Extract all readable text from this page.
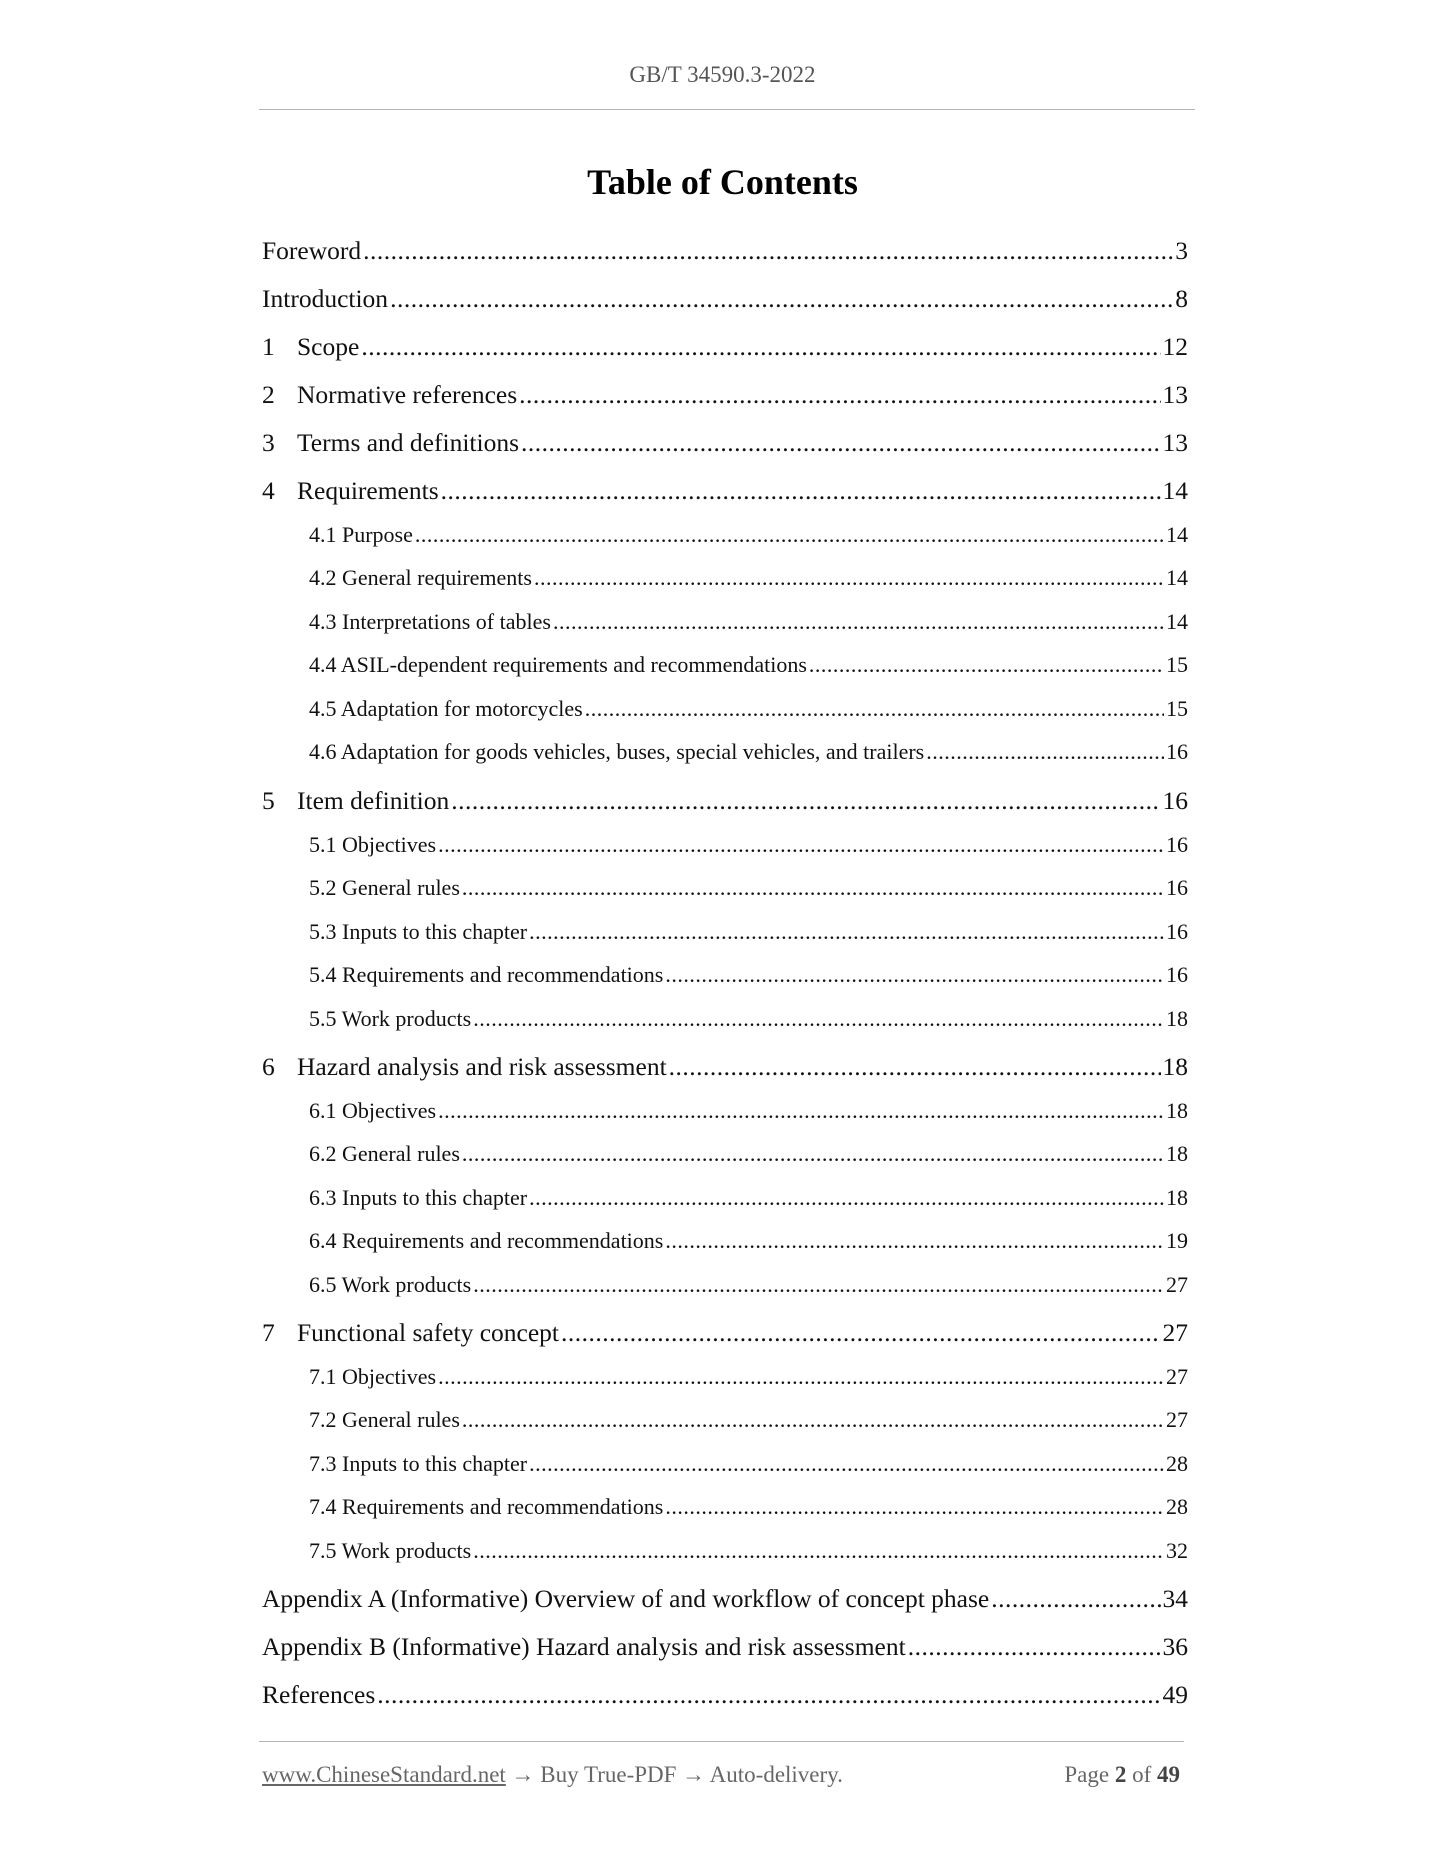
GB/T 34590.3-2022
Table of Contents
Foreword .....	3
Introduction .....	8
1 Scope .....	12
2 Normative references .....	13
3 Terms and definitions .....	13
4 Requirements .....	14
4.1 Purpose .....	14
4.2 General requirements .....	14
4.3 Interpretations of tables .....	14
4.4 ASIL-dependent requirements and recommendations .....	15
4.5 Adaptation for motorcycles .....	15
4.6 Adaptation for goods vehicles, buses, special vehicles, and trailers .....	16
5 Item definition .....	16
5.1 Objectives .....	16
5.2 General rules .....	16
5.3 Inputs to this chapter .....	16
5.4 Requirements and recommendations .....	16
5.5 Work products .....	18
6 Hazard analysis and risk assessment .....	18
6.1 Objectives .....	18
6.2 General rules .....	18
6.3 Inputs to this chapter .....	18
6.4 Requirements and recommendations .....	19
6.5 Work products .....	27
7 Functional safety concept .....	27
7.1 Objectives .....	27
7.2 General rules .....	27
7.3 Inputs to this chapter .....	28
7.4 Requirements and recommendations .....	28
7.5 Work products .....	32
Appendix A (Informative) Overview of and workflow of concept phase .....	34
Appendix B (Informative) Hazard analysis and risk assessment .....	36
References .....	49
www.ChineseStandard.net → Buy True-PDF → Auto-delivery.	Page 2 of 49
